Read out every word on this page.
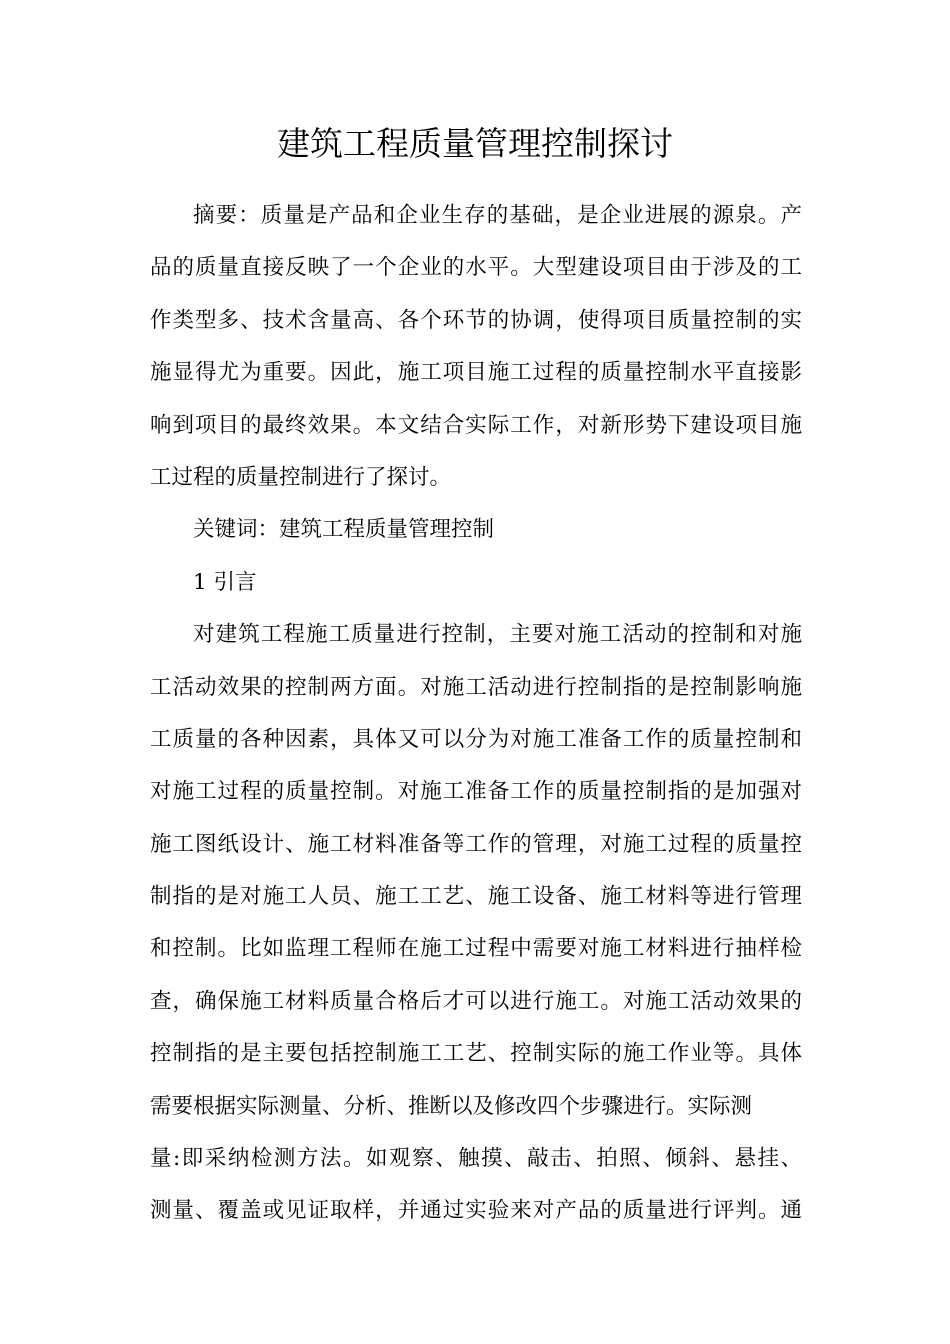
建筑工程质量管理控制探讨

摘要：质量是产品和企业生存的基础，是企业进展的源泉。产
品的质量直接反映了一个企业的水平。大型建设项目由于涉及的工
作类型多、技术含量高、各个环节的协调，使得项目质量控制的实
施显得尤为重要。因此，施工项目施工过程的质量控制水平直接影
响到项目的最终效果。本文结合实际工作，对新形势下建设项目施
工过程的质量控制进行了探讨。

关键词：建筑工程质量管理控制

1 引言

对建筑工程施工质量进行控制，主要对施工活动的控制和对施
工活动效果的控制两方面。对施工活动进行控制指的是控制影响施
工质量的各种因素，具体又可以分为对施工准备工作的质量控制和
对施工过程的质量控制。对施工准备工作的质量控制指的是加强对
施工图纸设计、施工材料准备等工作的管理，对施工过程的质量控
制指的是对施工人员、施工工艺、施工设备、施工材料等进行管理
和控制。比如监理工程师在施工过程中需要对施工材料进行抽样检
查，确保施工材料质量合格后才可以进行施工。对施工活动效果的
控制指的是主要包括控制施工工艺、控制实际的施工作业等。具体
需要根据实际测量、分析、推断以及修改四个步骤进行。实际测
量:即采纳检测方法。如观察、触摸、敲击、拍照、倾斜、悬挂、
测量、覆盖或见证取样，并通过实验来对产品的质量进行评判。通
